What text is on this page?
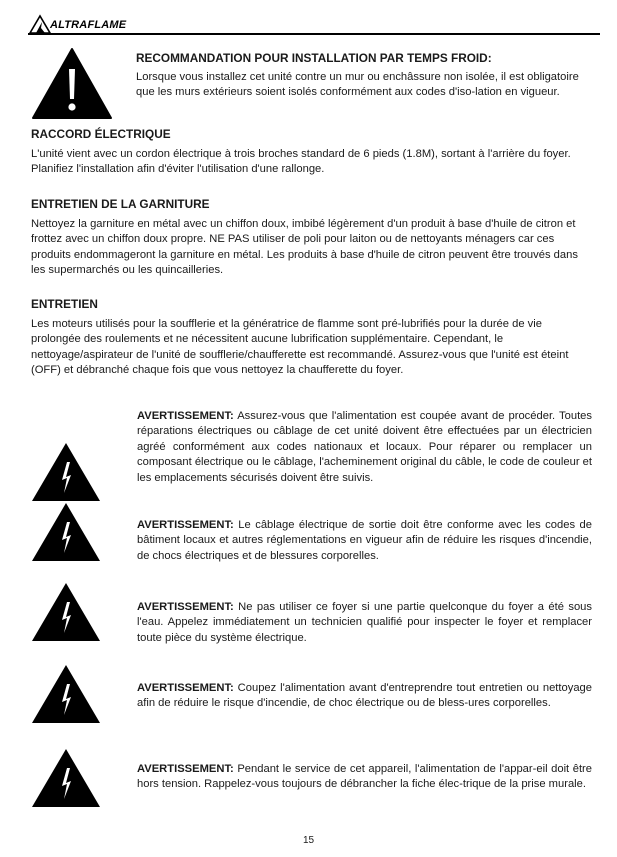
ALTRAFLAME

RECOMMANDATION POUR INSTALLATION PAR TEMPS FROID:

Lorsque vous installez cet unité contre un mur ou enchâssure non isolée, il est obligatoire que les murs extérieurs soient isolés conformément aux codes d'iso-lation en vigueur.

RACCORD ÉLECTRIQUE

L'unité vient avec un cordon électrique à trois broches standard de 6 pieds (1.8M), sortant à l'arrière du foyer. Planifiez l'installation afin d'éviter l'utilisation d'une rallonge.

ENTRETIEN DE LA GARNITURE

Nettoyez la garniture en métal avec un chiffon doux, imbibé légèrement d'un produit à base d'huile de citron et frottez avec un chiffon doux propre. NE PAS utiliser de poli pour laiton ou de nettoyants ménagers car ces produits endommageront la garniture en métal. Les produits à base d'huile de citron peuvent être trouvés dans les supermarchés ou les quincailleries.

ENTRETIEN

Les moteurs utilisés pour la soufflerie et la génératrice de flamme sont pré-lubrifiés pour la durée de vie prolongée des roulements et ne nécessitent aucune lubrification supplémentaire. Cependant, le nettoyage/aspirateur de l'unité de soufflerie/chaufferette est recommandé. Assurez-vous que l'unité est éteint (OFF) et débranché chaque fois que vous nettoyez la chaufferette du foyer.
AVERTISSEMENT: Assurez-vous que l'alimentation est coupée avant de procéder. Toutes réparations électriques ou câblage de cet unité doivent être effectuées par un électricien agréé conformément aux codes nationaux et locaux. Pour réparer ou remplacer un composant électrique ou le câblage, l'acheminement original du câble, le code de couleur et les emplacements sécurisés doivent être suivis.
AVERTISSEMENT: Le câblage électrique de sortie doit être conforme avec les codes de bâtiment locaux et autres réglementations en vigueur afin de réduire les risques d'incendie, de chocs électriques et de blessures corporelles.
AVERTISSEMENT: Ne pas utiliser ce foyer si une partie quelconque du foyer a été sous l'eau. Appelez immédiatement un technicien qualifié pour inspecter le foyer et remplacer toute pièce du système électrique.
AVERTISSEMENT: Coupez l'alimentation avant d'entreprendre tout entretien ou nettoyage afin de réduire le risque d'incendie, de choc électrique ou de bless-ures corporelles.
AVERTISSEMENT: Pendant le service de cet appareil, l'alimentation de l'appar-eil doit être hors tension. Rappelez-vous toujours de débrancher la fiche élec-trique de la prise murale.
15
